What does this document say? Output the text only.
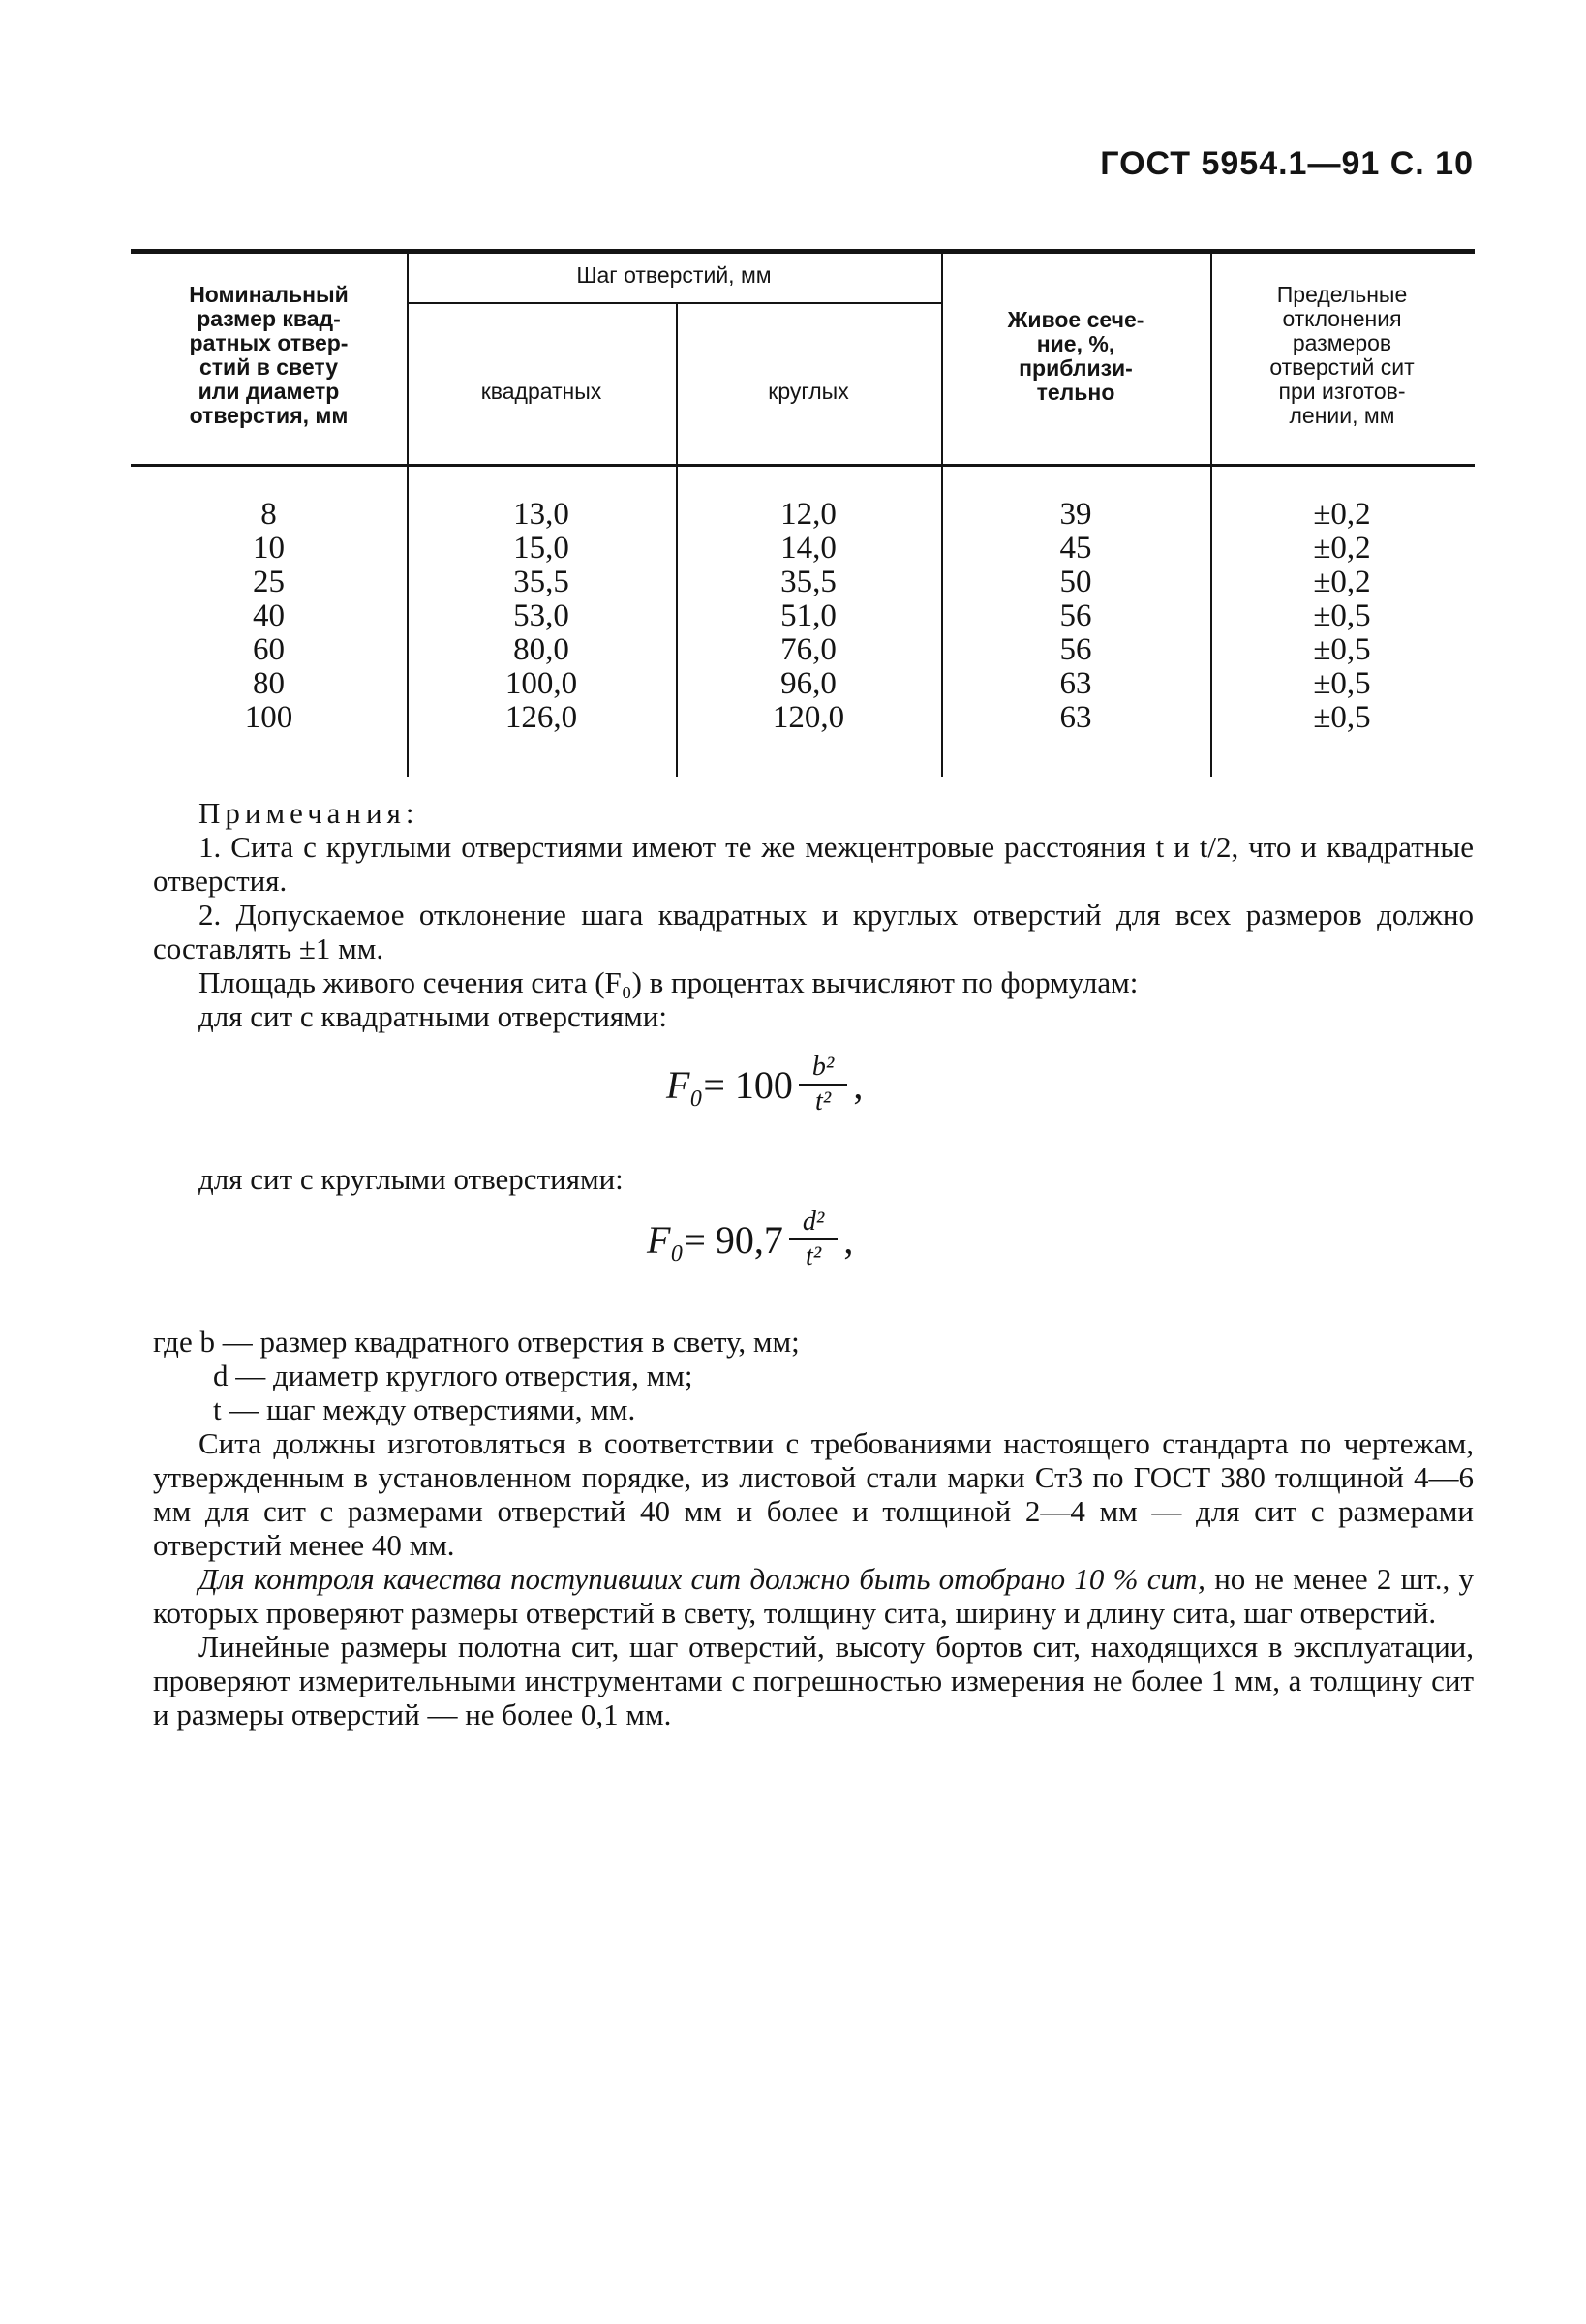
ГОСТ 5954.1—91 С. 10
Номинальный
размер квад-
ратных отвер-
стий в свету
или диаметр
отверстия, мм
Шаг отверстий, мм
квадратных	круглых
Живое сече-
ние, %,
приблизи-
тельно
Предельные
отклонения
размеров
отверстий сит
при изготов-
лении, мм
8
10
25
40
60
80
100
13,0
15,0
35,5
53,0
80,0
100,0
126,0
12,0
14,0
35,5
51,0
76,0
96,0
120,0
39
45
50
56
56
63
63
±0,2
±0,2
±0,2
±0,5
±0,5
±0,5
±0,5

Примечания:

1. Сита с круглыми отверстиями имеют те же межцентровые расстояния t и t/2, что и квадратные отверстия.

2. Допускаемое отклонение шага квадратных и круглых отверстий для всех размеров должно составлять ±1 мм.

Площадь живого сечения сита (F₀) в процентах вычисляют по формулам:

для сит с квадратными отверстиями:

$F_0 = 100 \frac{\text{b²}}{\text{t²}}$ ,

для сит с круглыми отверстиями:

$F_0 = 90,7 \frac{\text{d²}}{\text{t²}}$ ,

где b — размер квадратного отверстия в свету, мм;

d — диаметр круглого отверстия, мм;

t — шаг между отверстиями, мм.

Сита должны изготовляться в соответствии с требованиями настоящего стандарта по чертежам, утвержденным в установленном порядке, из листовой стали марки Ст3 по ГОСТ 380 толщиной 4—6 мм для сит с размерами отверстий 40 мм и более и толщиной 2—4 мм — для сит с размерами отверстий менее 40 мм.

Для контроля качества поступивших сит должно быть отобрано 10 % сит, но не менее 2 шт., у которых проверяют размеры отверстий в свету, толщину сита, ширину и длину сита, шаг отверстий.

Линейные размеры полотна сит, шаг отверстий, высоту бортов сит, находящихся в эксплуатации, проверяют измерительными инструментами с погрешностью измерения не более 1 мм, а толщину сит и размеры отверстий — не более 0,1 мм.
